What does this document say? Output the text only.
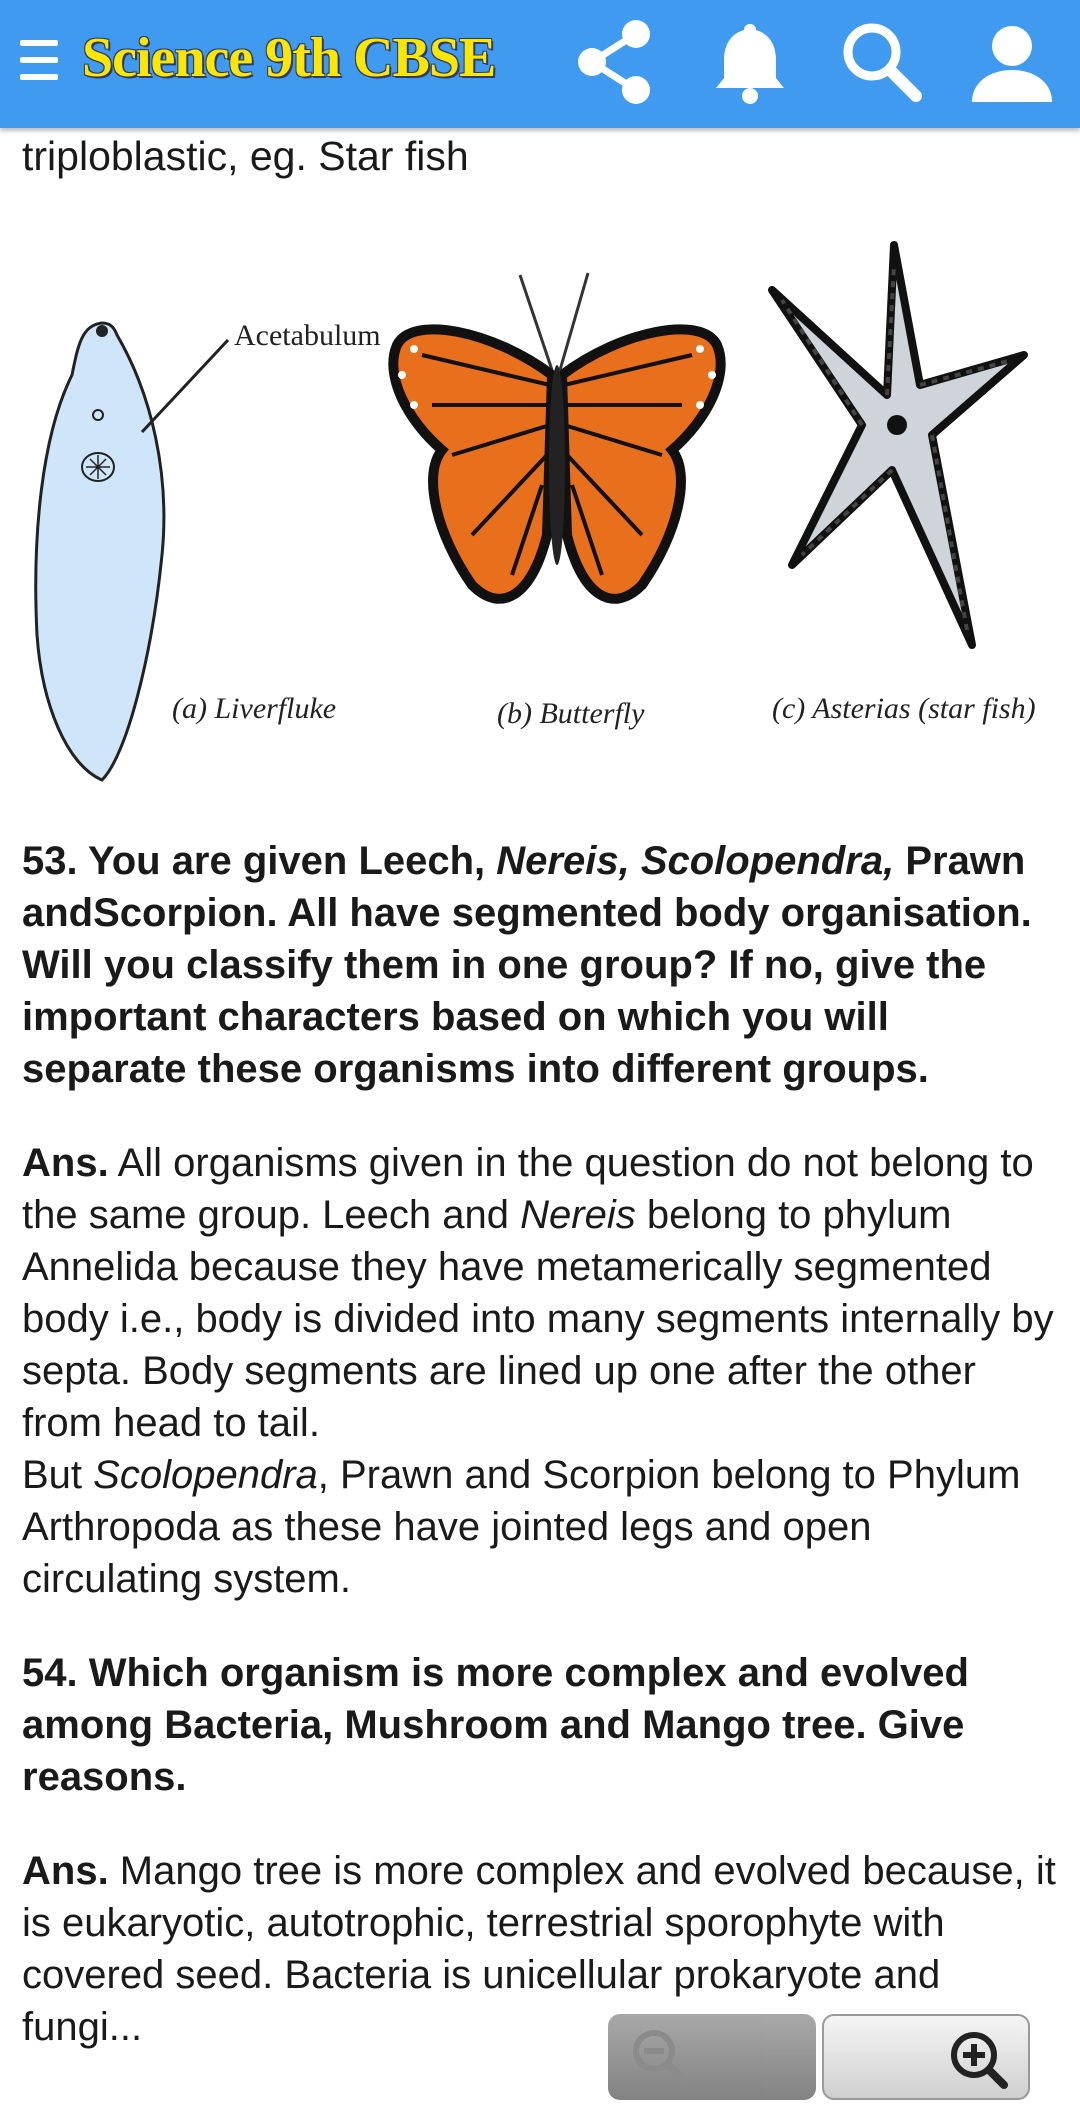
Science 9th CBSE

triploblastic, eg. Star fish

Acetabulum
(a) Liverfluke	(b) Butterfly	(c) Asterias (star fish)
53. You are given Leech, Nereis, Scolopendra, Prawn andScorpion. All have segmented body organisation. Will you classify them in one group? If no, give the important characters based on which you will separate these organisms into different groups.
Ans. All organisms given in the question do not belong to the same group. Leech and Nereis belong to phylum Annelida because they have metamerically segmented body i.e., body is divided into many segments internally by septa. Body segments are lined up one after the other from head to tail.
But Scolopendra, Prawn and Scorpion belong to Phylum Arthropoda as these have jointed legs and open circulating system.
54. Which organism is more complex and evolved among Bacteria, Mushroom and Mango tree. Give reasons.
Ans. Mango tree is more complex and evolved because, it is eukaryotic, autotrophic, terrestrial sporophyte with covered seed. Bacteria is unicellular prokaryote and fungi...
